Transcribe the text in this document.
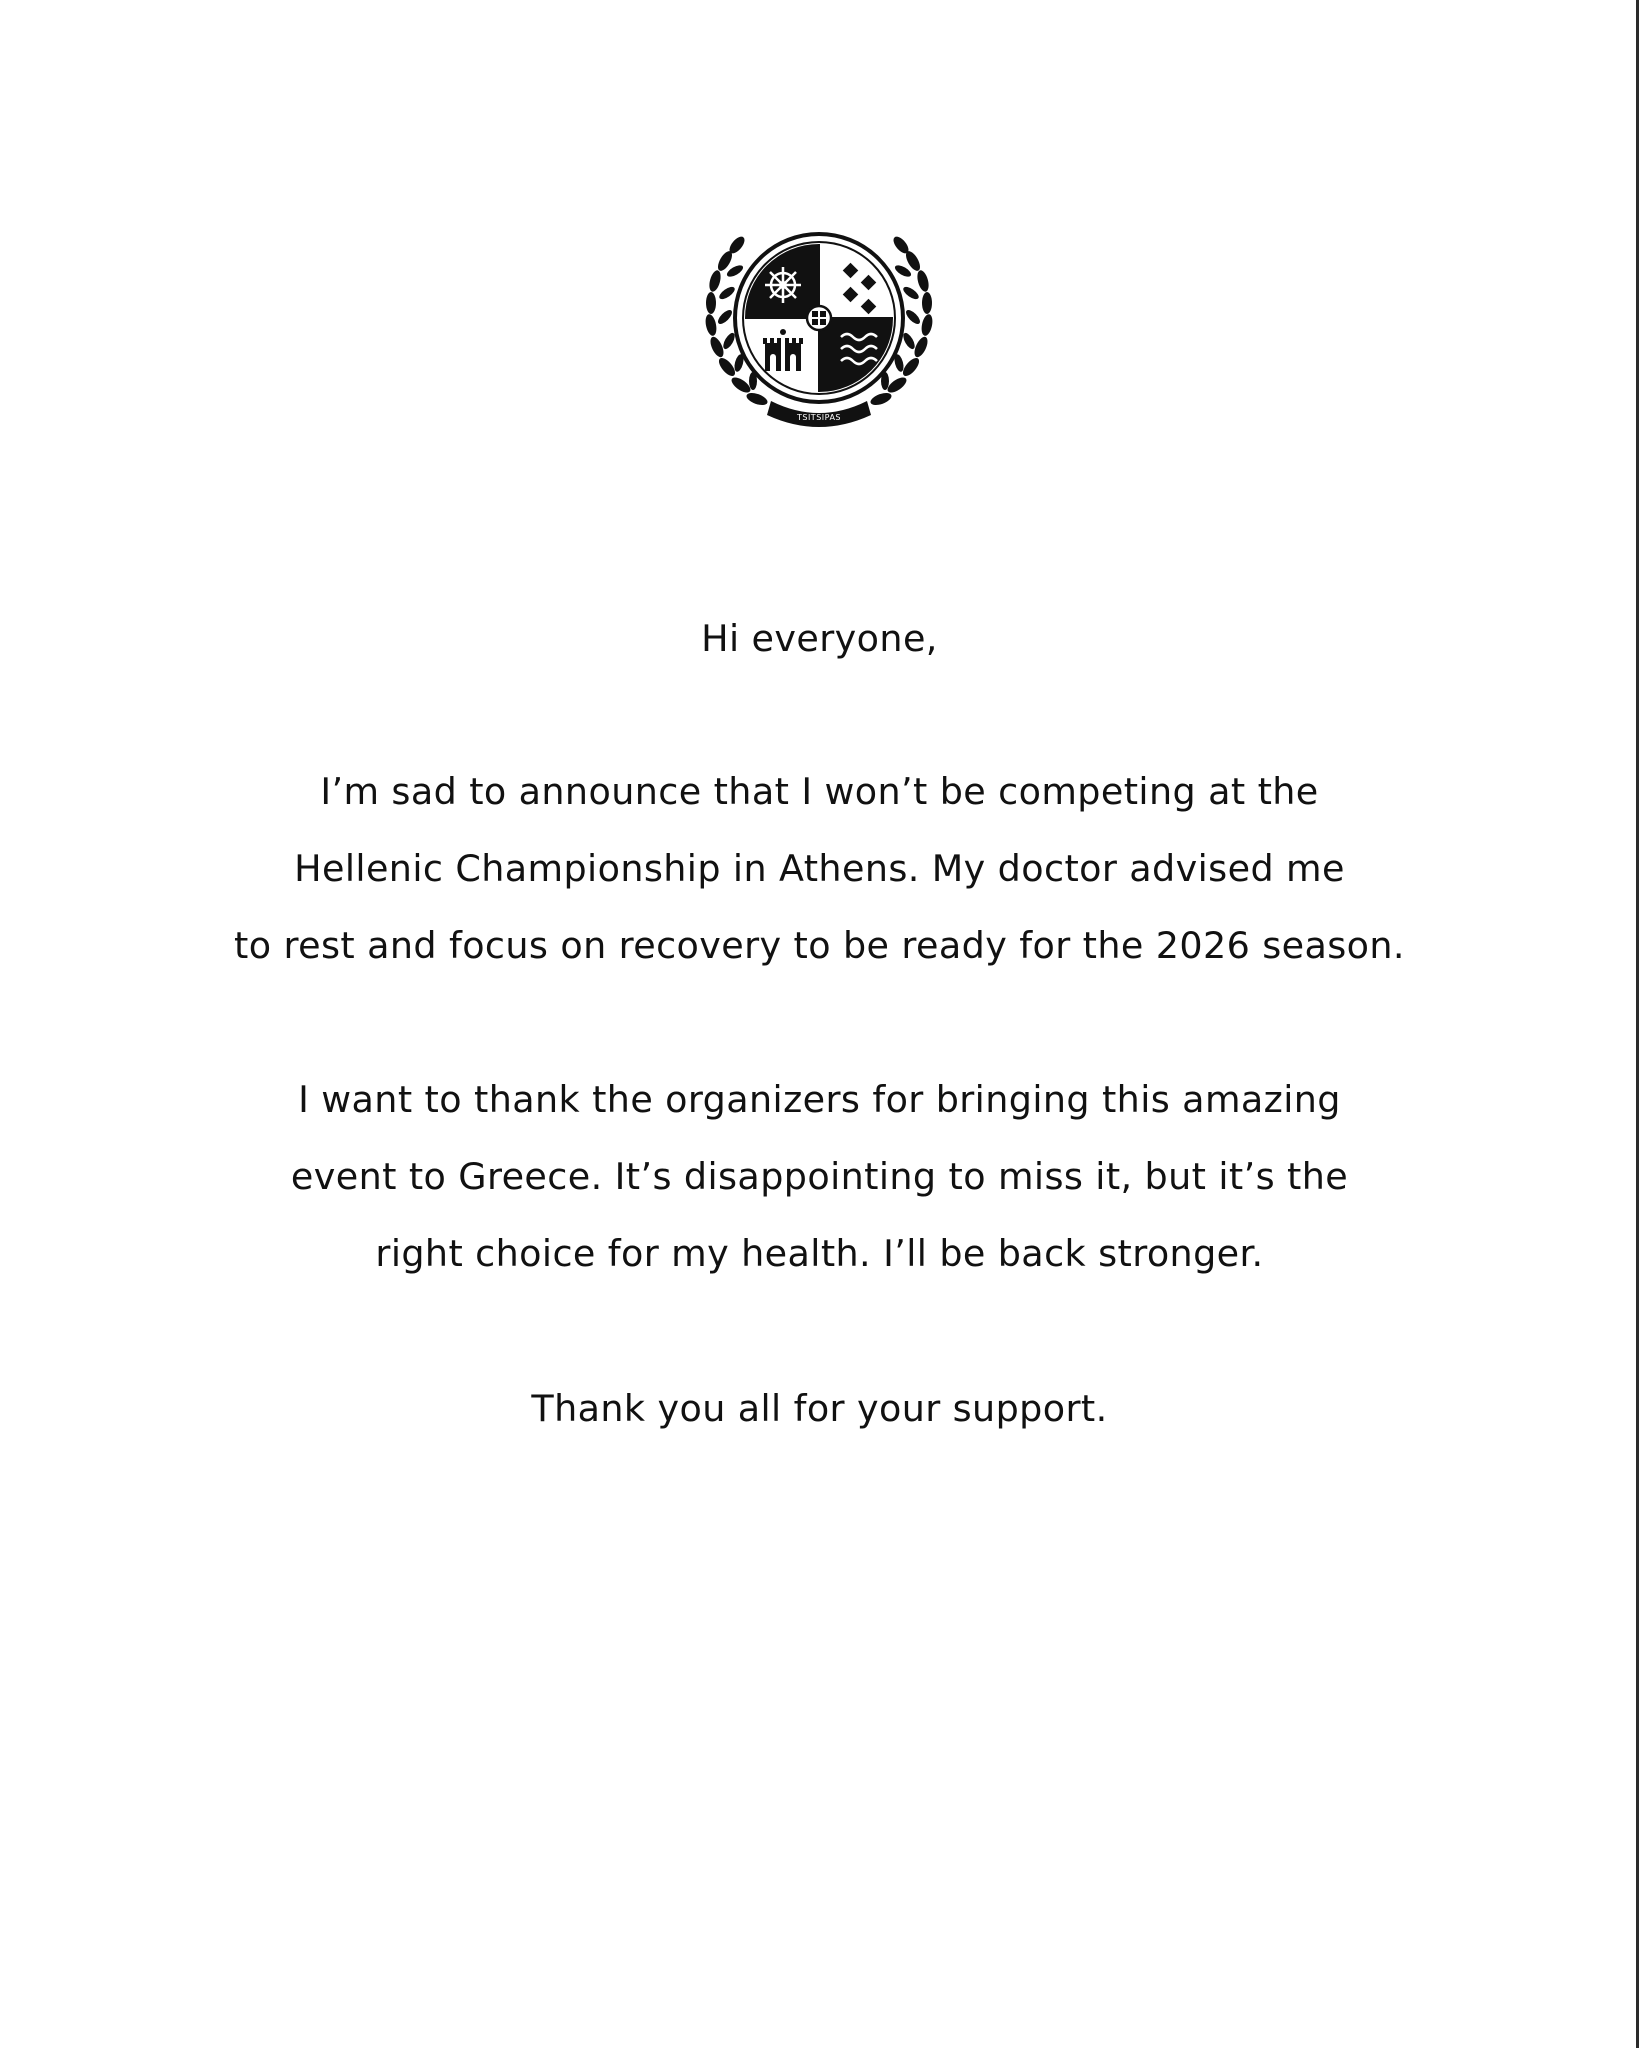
TSITSIPAS
Hi everyone,
I’m sad to announce that I won’t be competing at the
Hellenic Championship in Athens. My doctor advised me
to rest and focus on recovery to be ready for the 2026 season.
I want to thank the organizers for bringing this amazing
event to Greece. It’s disappointing to miss it, but it’s the
right choice for my health. I’ll be back stronger.
Thank you all for your support.
